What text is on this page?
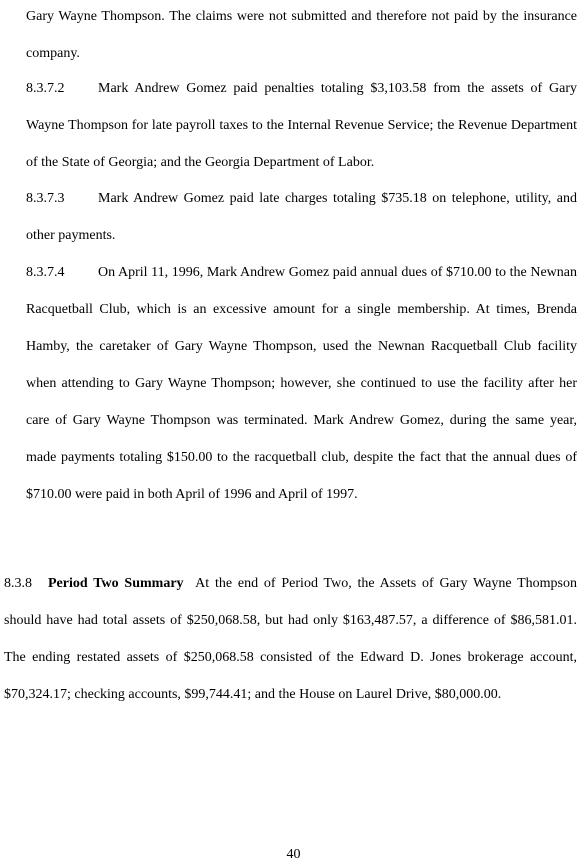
Gary Wayne Thompson. The claims were not submitted and therefore not paid by the insurance company.

8.3.7.2 Mark Andrew Gomez paid penalties totaling $3,103.58 from the assets of Gary Wayne Thompson for late payroll taxes to the Internal Revenue Service; the Revenue Department of the State of Georgia; and the Georgia Department of Labor.

8.3.7.3 Mark Andrew Gomez paid late charges totaling $735.18 on telephone, utility, and other payments.

8.3.7.4 On April 11, 1996, Mark Andrew Gomez paid annual dues of $710.00 to the Newnan Racquetball Club, which is an excessive amount for a single membership. At times, Brenda Hamby, the caretaker of Gary Wayne Thompson, used the Newnan Racquetball Club facility when attending to Gary Wayne Thompson; however, she continued to use the facility after her care of Gary Wayne Thompson was terminated. Mark Andrew Gomez, during the same year, made payments totaling $150.00 to the racquetball club, despite the fact that the annual dues of $710.00 were paid in both April of 1996 and April of 1997.

8.3.8 Period Two Summary At the end of Period Two, the Assets of Gary Wayne Thompson should have had total assets of $250,068.58, but had only $163,487.57, a difference of $86,581.01. The ending restated assets of $250,068.58 consisted of the Edward D. Jones brokerage account, $70,324.17; checking accounts, $99,744.41; and the House on Laurel Drive, $80,000.00.

40
